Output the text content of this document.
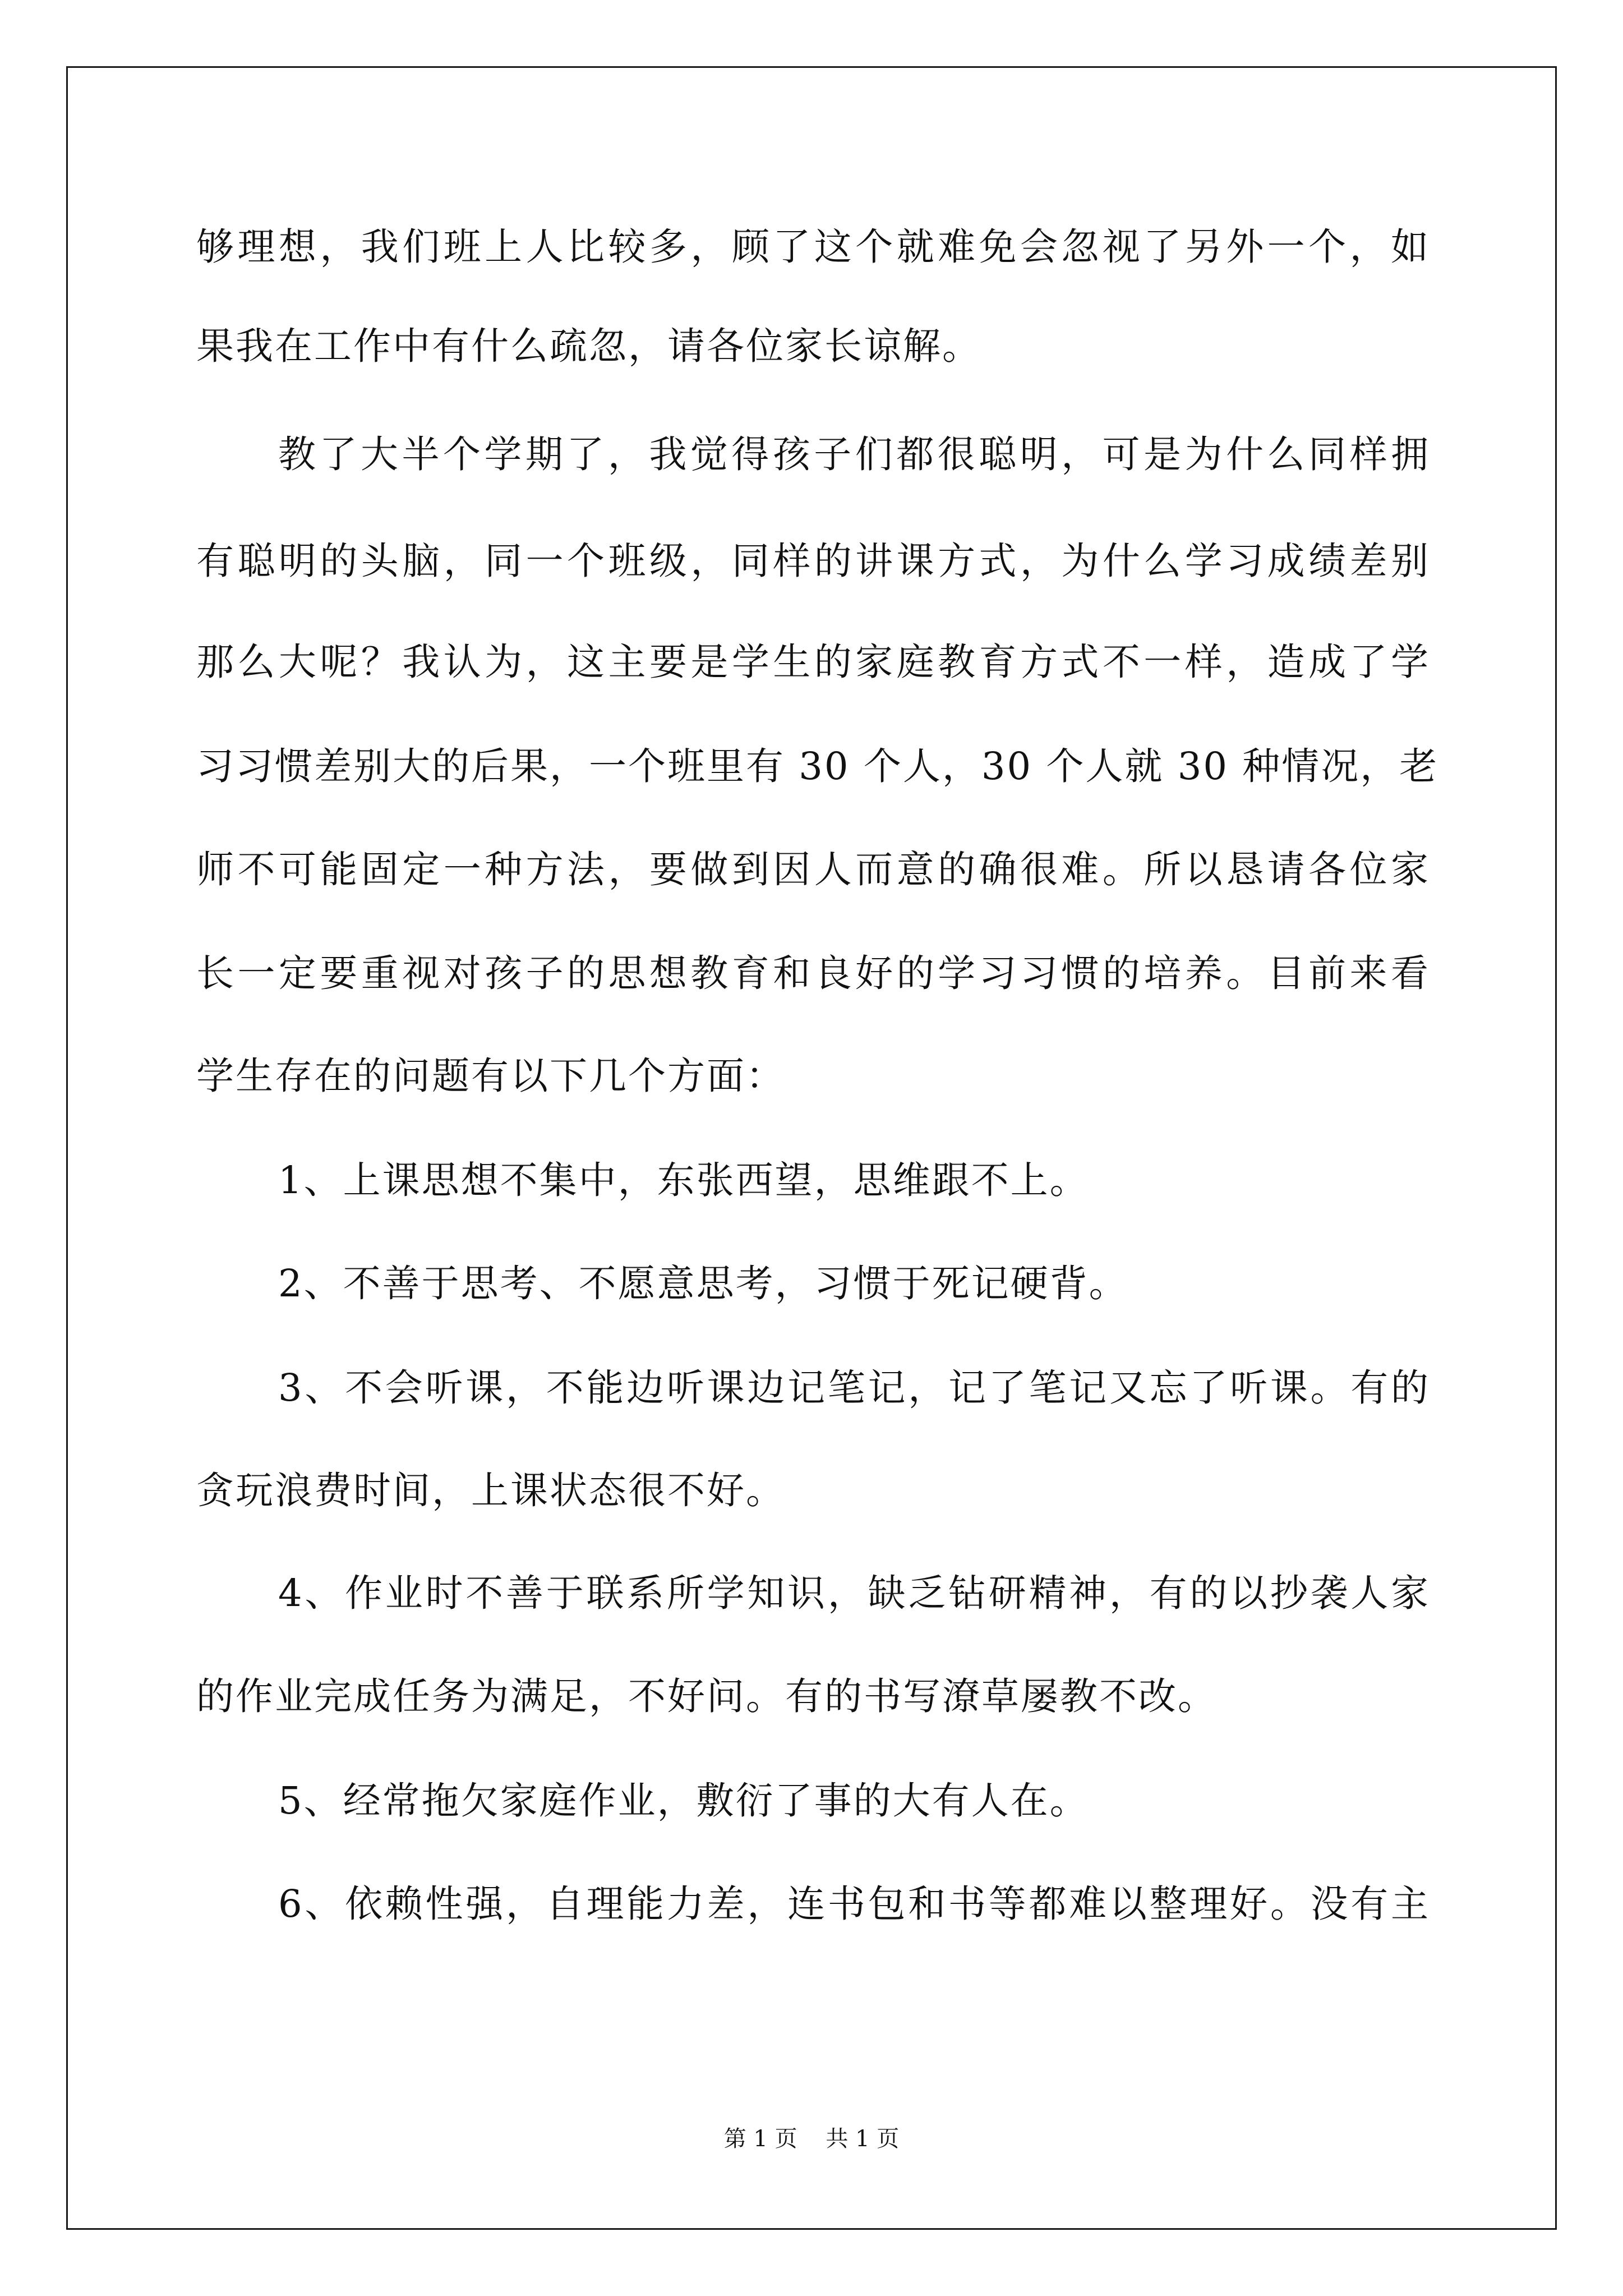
够理想，我们班上人比较多，顾了这个就难免会忽视了另外一个，如
果我在工作中有什么疏忽，请各位家长谅解。
教了大半个学期了，我觉得孩子们都很聪明，可是为什么同样拥
有聪明的头脑，同一个班级，同样的讲课方式，为什么学习成绩差别
那么大呢？我认为，这主要是学生的家庭教育方式不一样，造成了学
习习惯差别大的后果，一个班里有 30 个人，30 个人就 30 种情况，老
师不可能固定一种方法，要做到因人而意的确很难。所以恳请各位家
长一定要重视对孩子的思想教育和良好的学习习惯的培养。目前来看
学生存在的问题有以下几个方面：
1、上课思想不集中，东张西望，思维跟不上。
2、不善于思考、不愿意思考，习惯于死记硬背。
3、不会听课，不能边听课边记笔记，记了笔记又忘了听课。有的
贪玩浪费时间，上课状态很不好。
4、作业时不善于联系所学知识，缺乏钻研精神，有的以抄袭人家
的作业完成任务为满足，不好问。有的书写潦草屡教不改。
5、经常拖欠家庭作业，敷衍了事的大有人在。
6、依赖性强，自理能力差，连书包和书等都难以整理好。没有主
第 1 页    共 1 页
